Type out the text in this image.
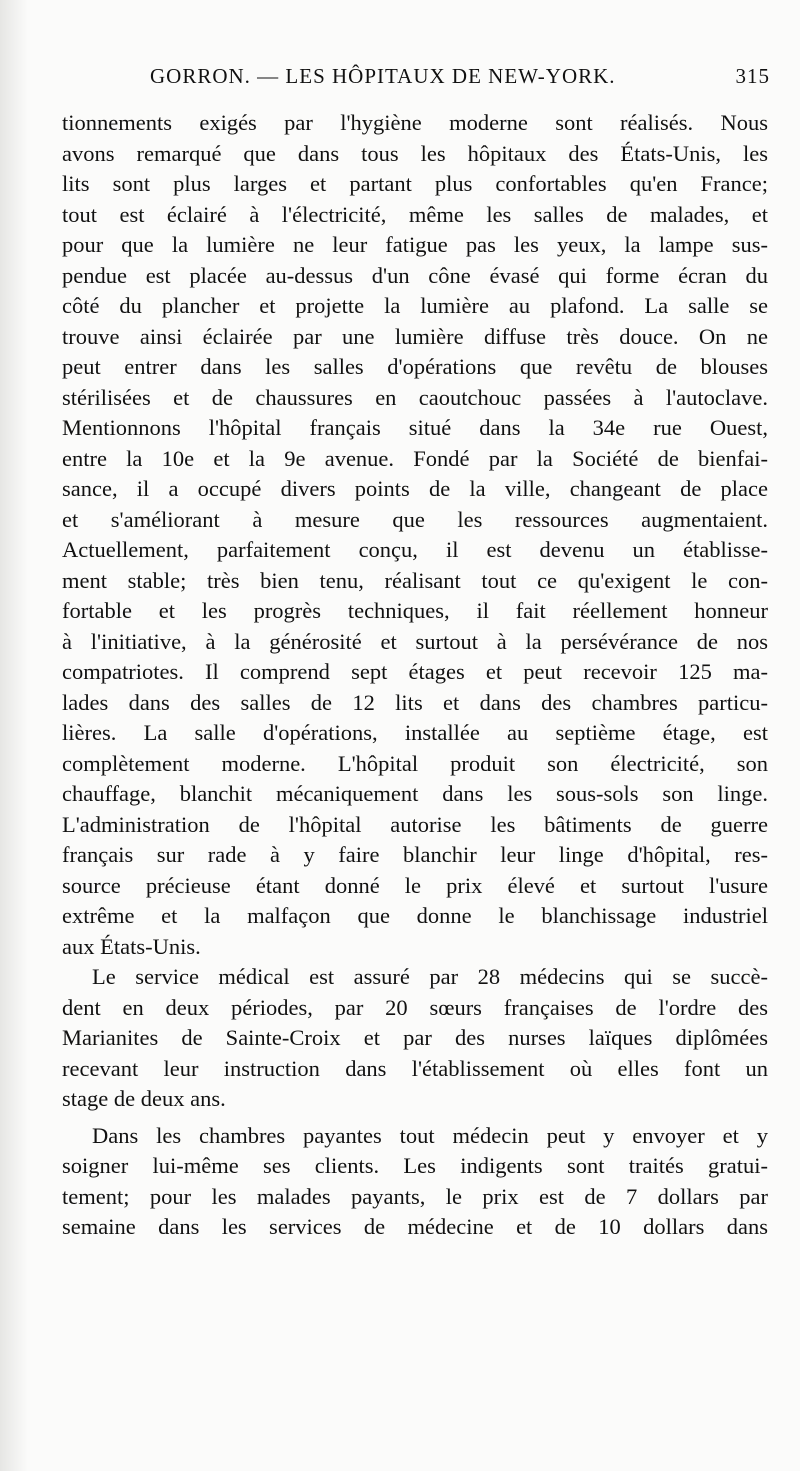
GORRON. — LES HÔPITAUX DE NEW-YORK.	315
tionnements exigés par l'hygiène moderne sont réalisés. Nous
avons remarqué que dans tous les hôpitaux des États-Unis, les
lits sont plus larges et partant plus confortables qu'en France;
tout est éclairé à l'électricité, même les salles de malades, et
pour que la lumière ne leur fatigue pas les yeux, la lampe sus-
pendue est placée au-dessus d'un cône évasé qui forme écran du
côté du plancher et projette la lumière au plafond. La salle se
trouve ainsi éclairée par une lumière diffuse très douce. On ne
peut entrer dans les salles d'opérations que revêtu de blouses
stérilisées et de chaussures en caoutchouc passées à l'autoclave.
Mentionnons l'hôpital français situé dans la 34e rue Ouest,
entre la 10e et la 9e avenue. Fondé par la Société de bienfai-
sance, il a occupé divers points de la ville, changeant de place
et s'améliorant à mesure que les ressources augmentaient.
Actuellement, parfaitement conçu, il est devenu un établisse-
ment stable; très bien tenu, réalisant tout ce qu'exigent le con-
fortable et les progrès techniques, il fait réellement honneur
à l'initiative, à la générosité et surtout à la persévérance de nos
compatriotes. Il comprend sept étages et peut recevoir 125 ma-
lades dans des salles de 12 lits et dans des chambres particu-
lières. La salle d'opérations, installée au septième étage, est
complètement moderne. L'hôpital produit son électricité, son
chauffage, blanchit mécaniquement dans les sous-sols son linge.
L'administration de l'hôpital autorise les bâtiments de guerre
français sur rade à y faire blanchir leur linge d'hôpital, res-
source précieuse étant donné le prix élevé et surtout l'usure
extrême et la malfaçon que donne le blanchissage industriel
aux États-Unis.
Le service médical est assuré par 28 médecins qui se succè-
dent en deux périodes, par 20 sœurs françaises de l'ordre des
Marianites de Sainte-Croix et par des nurses laïques diplômées
recevant leur instruction dans l'établissement où elles font un
stage de deux ans.
Dans les chambres payantes tout médecin peut y envoyer et y
soigner lui-même ses clients. Les indigents sont traités gratui-
tement; pour les malades payants, le prix est de 7 dollars par
semaine dans les services de médecine et de 10 dollars dans
